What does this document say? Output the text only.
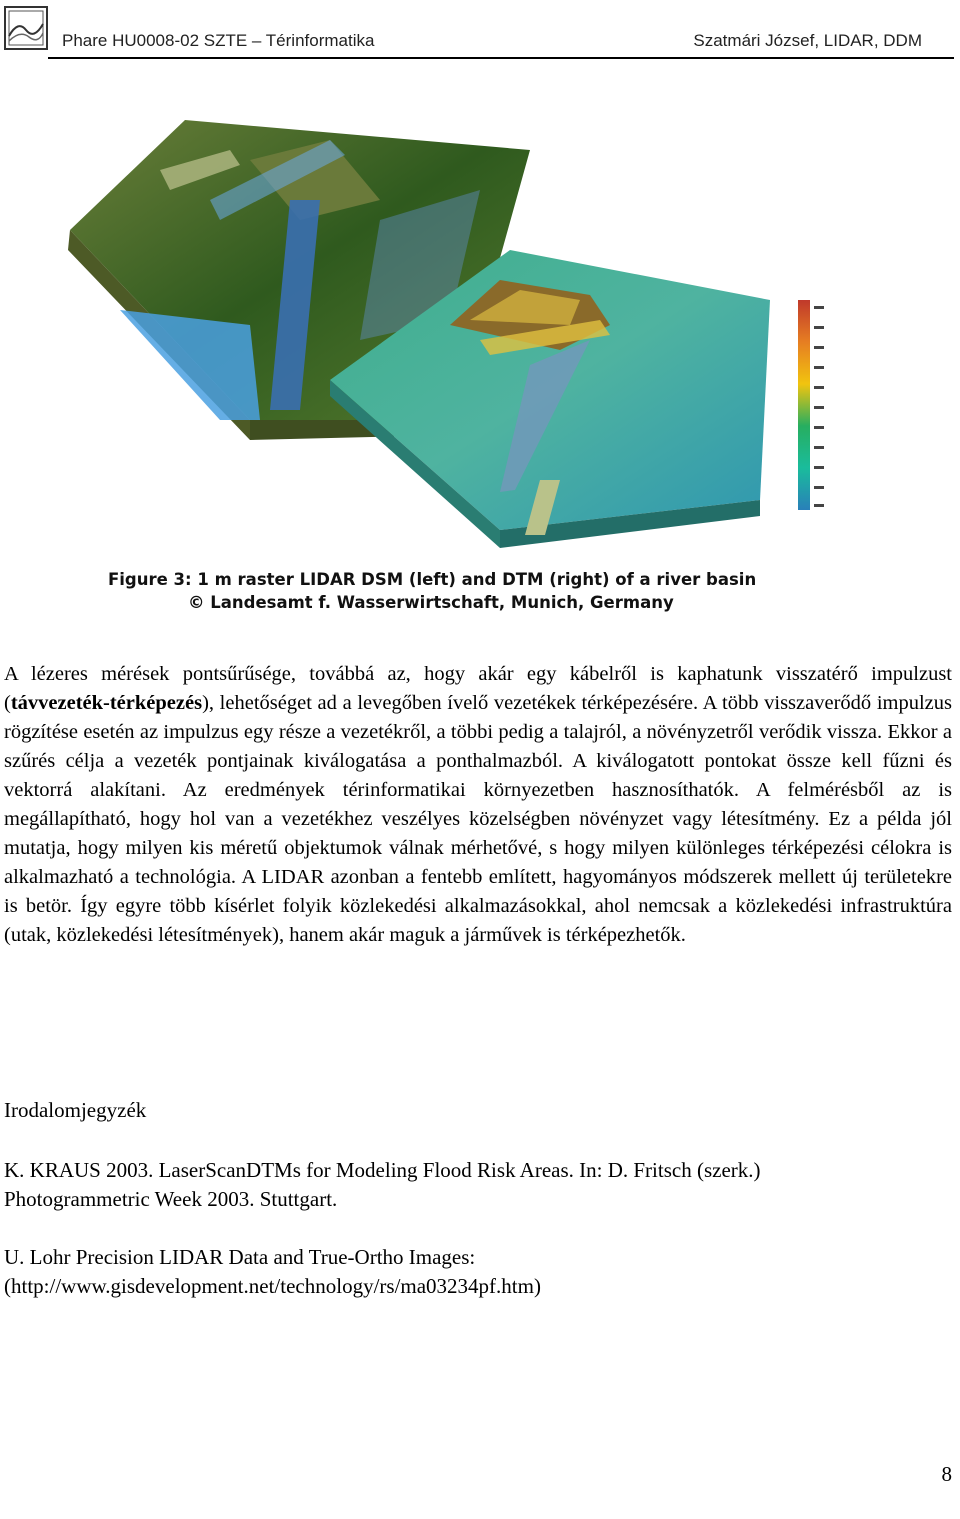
Phare HU0008-02 SZTE – Térinformatika	Szatmári József, LIDAR, DDM
Figure 3: 1 m raster LIDAR DSM (left) and DTM (right) of a river basin
© Landesamt f. Wasserwirtschaft, Munich, Germany
A lézeres mérések pontsűrűsége, továbbá az, hogy akár egy kábelről is kaphatunk visszatérő impulzust (távvezeték-térképezés), lehetőséget ad a levegőben ívelő vezetékek térképezésére. A több visszaverődő impulzus rögzítése esetén az impulzus egy része a vezetékről, a többi pedig a talajról, a növényzetről verődik vissza. Ekkor a szűrés célja a vezeték pontjainak kiválogatása a ponthalmazból. A kiválogatott pontokat össze kell fűzni és vektorrá alakítani. Az eredmények térinformatikai környezetben hasznosíthatók. A felmérésből az is megállapítható, hogy hol van a vezetékhez veszélyes közelségben növényzet vagy létesítmény. Ez a példa jól mutatja, hogy milyen kis méretű objektumok válnak mérhetővé, s hogy milyen különleges térképezési célokra is alkalmazható a technológia. A LIDAR azonban a fentebb említett, hagyományos módszerek mellett új területekre is betör. Így egyre több kísérlet folyik közlekedési alkalmazásokkal, ahol nemcsak a közlekedési infrastruktúra (utak, közlekedési létesítmények), hanem akár maguk a járművek is térképezhetők.
Irodalomjegyzék
K. KRAUS 2003. LaserScanDTMs for Modeling Flood Risk Areas. In: D. Fritsch (szerk.)
Photogrammetric Week 2003. Stuttgart.
U. Lohr Precision LIDAR Data and True-Ortho Images:
(http://www.gisdevelopment.net/technology/rs/ma03234pf.htm)
8
